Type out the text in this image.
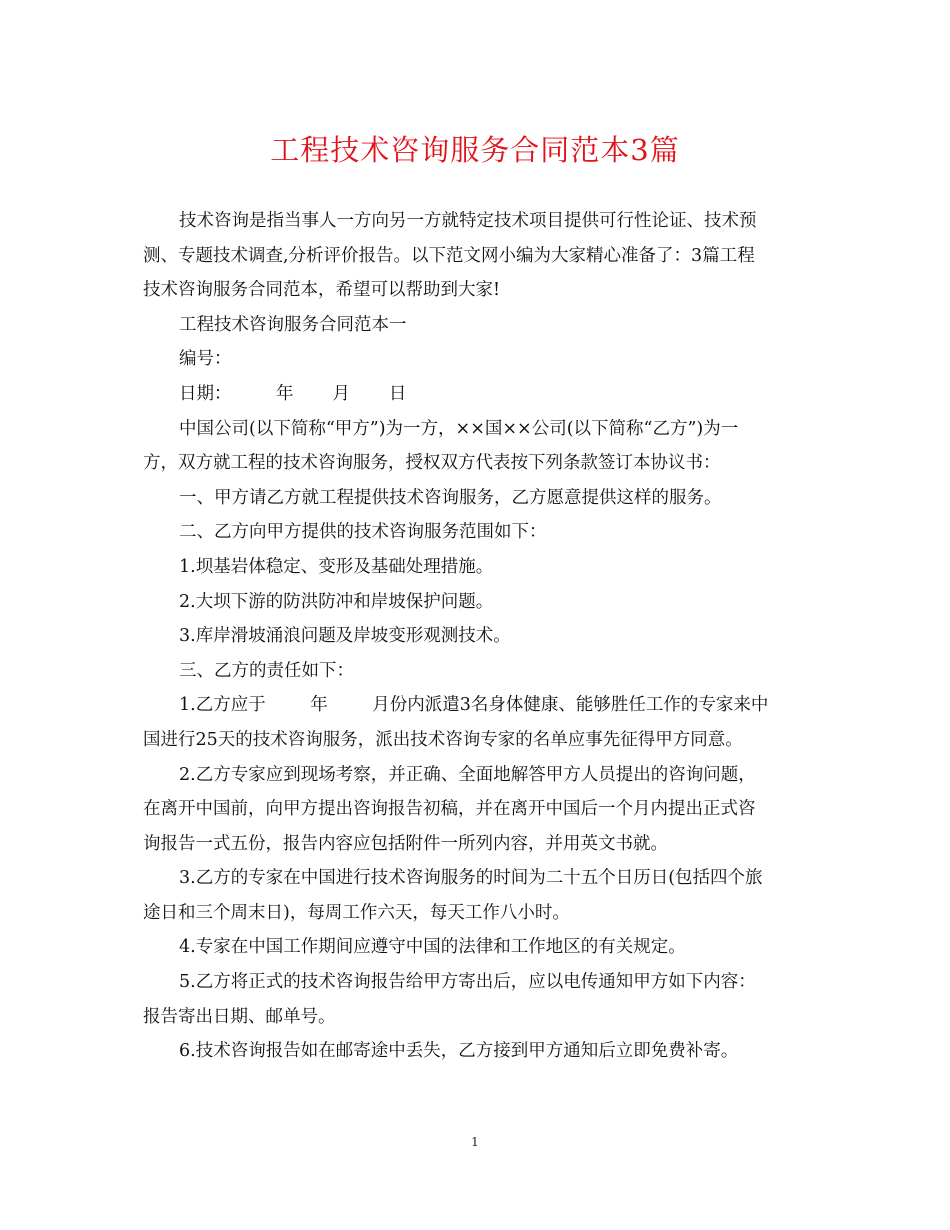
工程技术咨询服务合同范本3篇

技术咨询是指当事人一方向另一方就特定技术项目提供可行性论证、技术预

测、专题技术调查,分析评价报告。以下范文网小编为大家精心准备了：3篇工程

技术咨询服务合同范本，希望可以帮助到大家!

工程技术咨询服务合同范本一

编号：

日期：        年       月       日

中国公司(以下简称“甲方”)为一方，××国××公司(以下简称“乙方”)为一

方，双方就工程的技术咨询服务，授权双方代表按下列条款签订本协议书：

一、甲方请乙方就工程提供技术咨询服务，乙方愿意提供这样的服务。

二、乙方向甲方提供的技术咨询服务范围如下：

1.坝基岩体稳定、变形及基础处理措施。

2.大坝下游的防洪防冲和岸坡保护问题。

3.库岸滑坡涌浪问题及岸坡变形观测技术。

三、乙方的责任如下：

1.乙方应于        年        月份内派遣3名身体健康、能够胜任工作的专家来中

国进行25天的技术咨询服务，派出技术咨询专家的名单应事先征得甲方同意。

2.乙方专家应到现场考察，并正确、全面地解答甲方人员提出的咨询问题，

在离开中国前，向甲方提出咨询报告初稿，并在离开中国后一个月内提出正式咨

询报告一式五份，报告内容应包括附件一所列内容，并用英文书就。

3.乙方的专家在中国进行技术咨询服务的时间为二十五个日历日(包括四个旅

途日和三个周末日)，每周工作六天，每天工作八小时。

4.专家在中国工作期间应遵守中国的法律和工作地区的有关规定。

5.乙方将正式的技术咨询报告给甲方寄出后，应以电传通知甲方如下内容：

报告寄出日期、邮单号。

6.技术咨询报告如在邮寄途中丢失，乙方接到甲方通知后立即免费补寄。

1
